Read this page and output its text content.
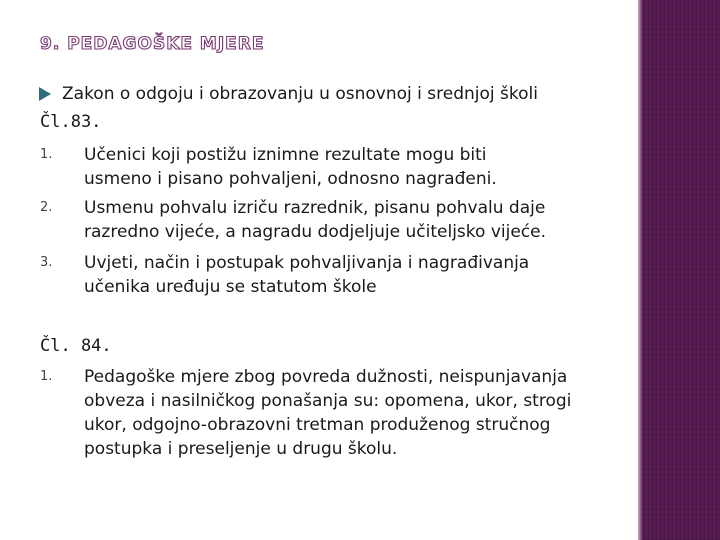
9. PEDAGOŠKE MJERE
Zakon o odgoju i obrazovanju u osnovnoj i srednjoj školi
Čl.83.
1. Učenici koji postižu iznimne rezultate mogu biti
usmeno i pisano pohvaljeni, odnosno nagrađeni.
2. Usmenu pohvalu izriču razrednik, pisanu pohvalu daje
razredno vijeće, a nagradu dodjeljuje učiteljsko vijeće.
3. Uvjeti, način i postupak pohvaljivanja i nagrađivanja
učenika uređuju se statutom škole
Čl. 84.
1. Pedagoške mjere zbog povreda dužnosti, neispunjavanja
obveza i nasilničkog ponašanja su: opomena, ukor, strogi
ukor, odgojno-obrazovni tretman produženog stručnog
postupka i preseljenje u drugu školu.
